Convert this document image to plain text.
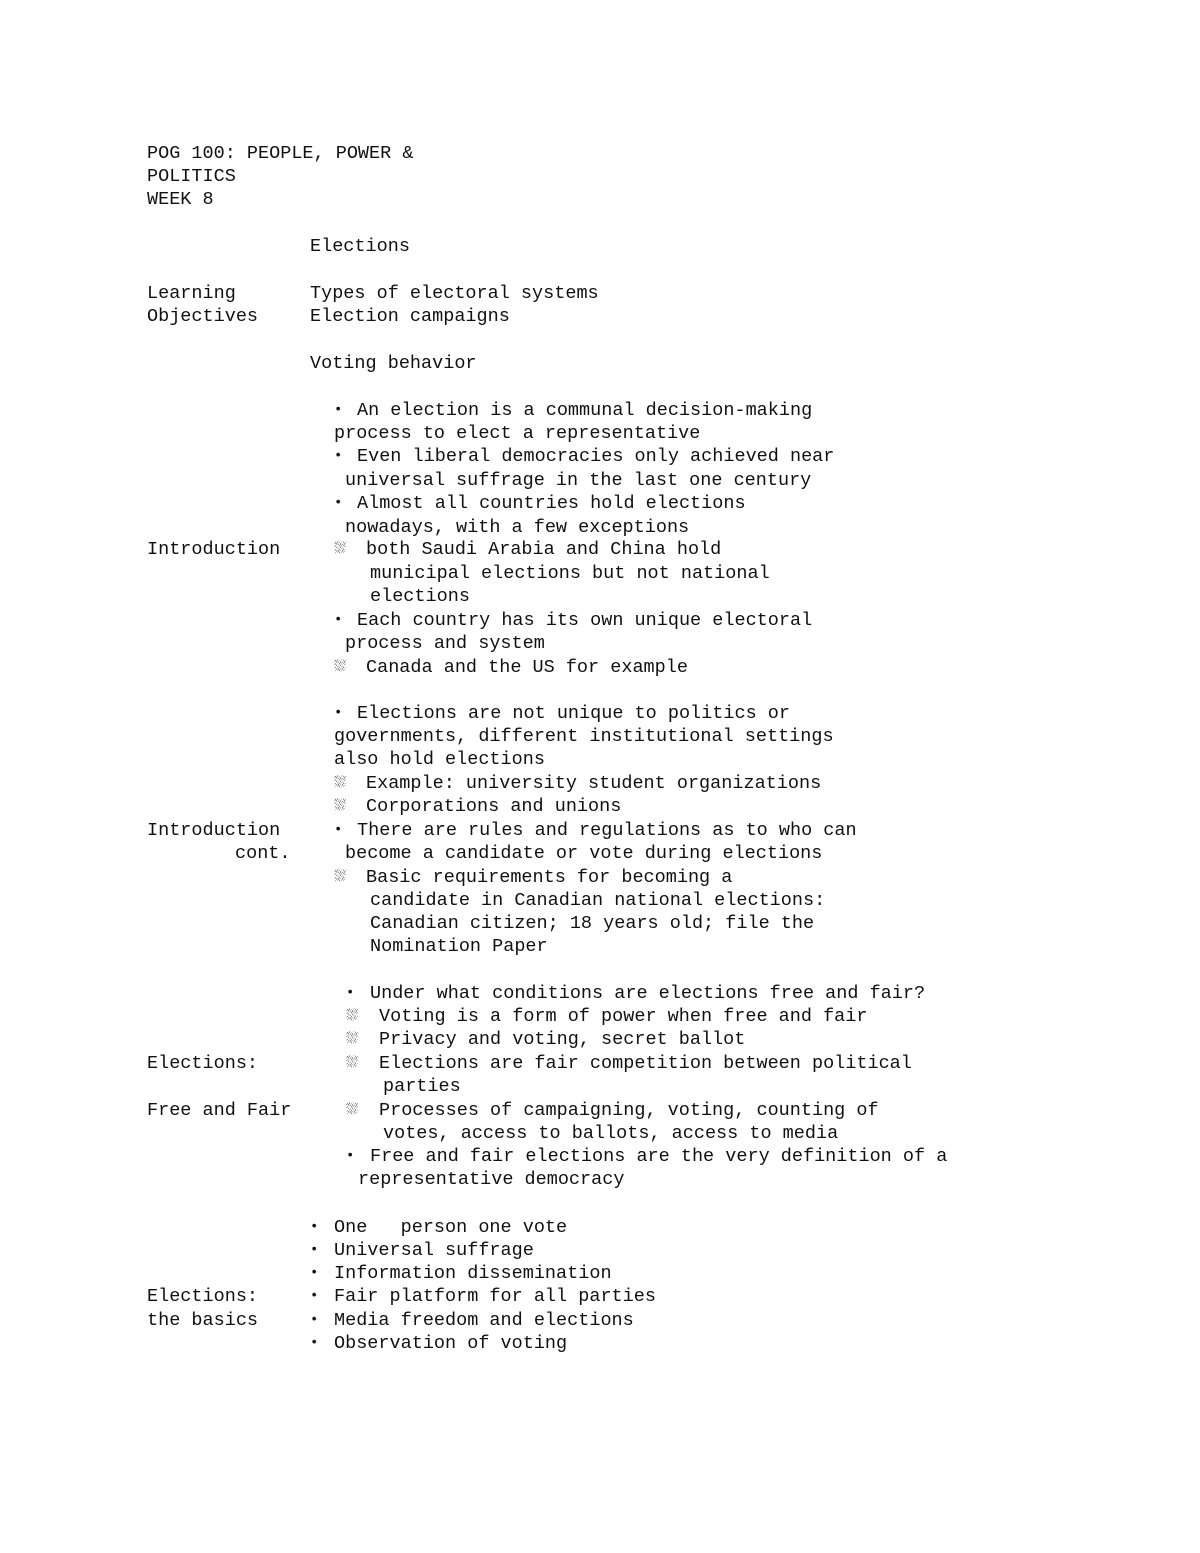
POG 100: PEOPLE, POWER &

POLITICS

WEEK 8

Elections

Learning

Objectives

Types of electoral systems

Election campaigns

Voting behavior

Introduction

• An election is a communal decision-making

process to elect a representative

• Even liberal democracies only achieved near

universal suffrage in the last one century

• Almost all countries hold elections

nowadays, with a few exceptions

⛆ both Saudi Arabia and China hold

municipal elections but not national

elections

• Each country has its own unique electoral

process and system

⛆ Canada and the US for example

Introduction

cont.

• Elections are not unique to politics or

governments, different institutional settings

also hold elections

⛆ Example: university student organizations

⛆ Corporations and unions

• There are rules and regulations as to who can

become a candidate or vote during elections

⛆ Basic requirements for becoming a

candidate in Canadian national elections:

Canadian citizen; 18 years old; file the

Nomination Paper

Elections:

Free and Fair

• Under what conditions are elections free and fair?

⛆ Voting is a form of power when free and fair

⛆ Privacy and voting, secret ballot

⛆ Elections are fair competition between political

parties

⛆ Processes of campaigning, voting, counting of

votes, access to ballots, access to media

• Free and fair elections are the very definition of a

representative democracy

Elections:

the basics

• One   person one vote

• Universal suffrage

• Information dissemination

• Fair platform for all parties

• Media freedom and elections

• Observation of voting
